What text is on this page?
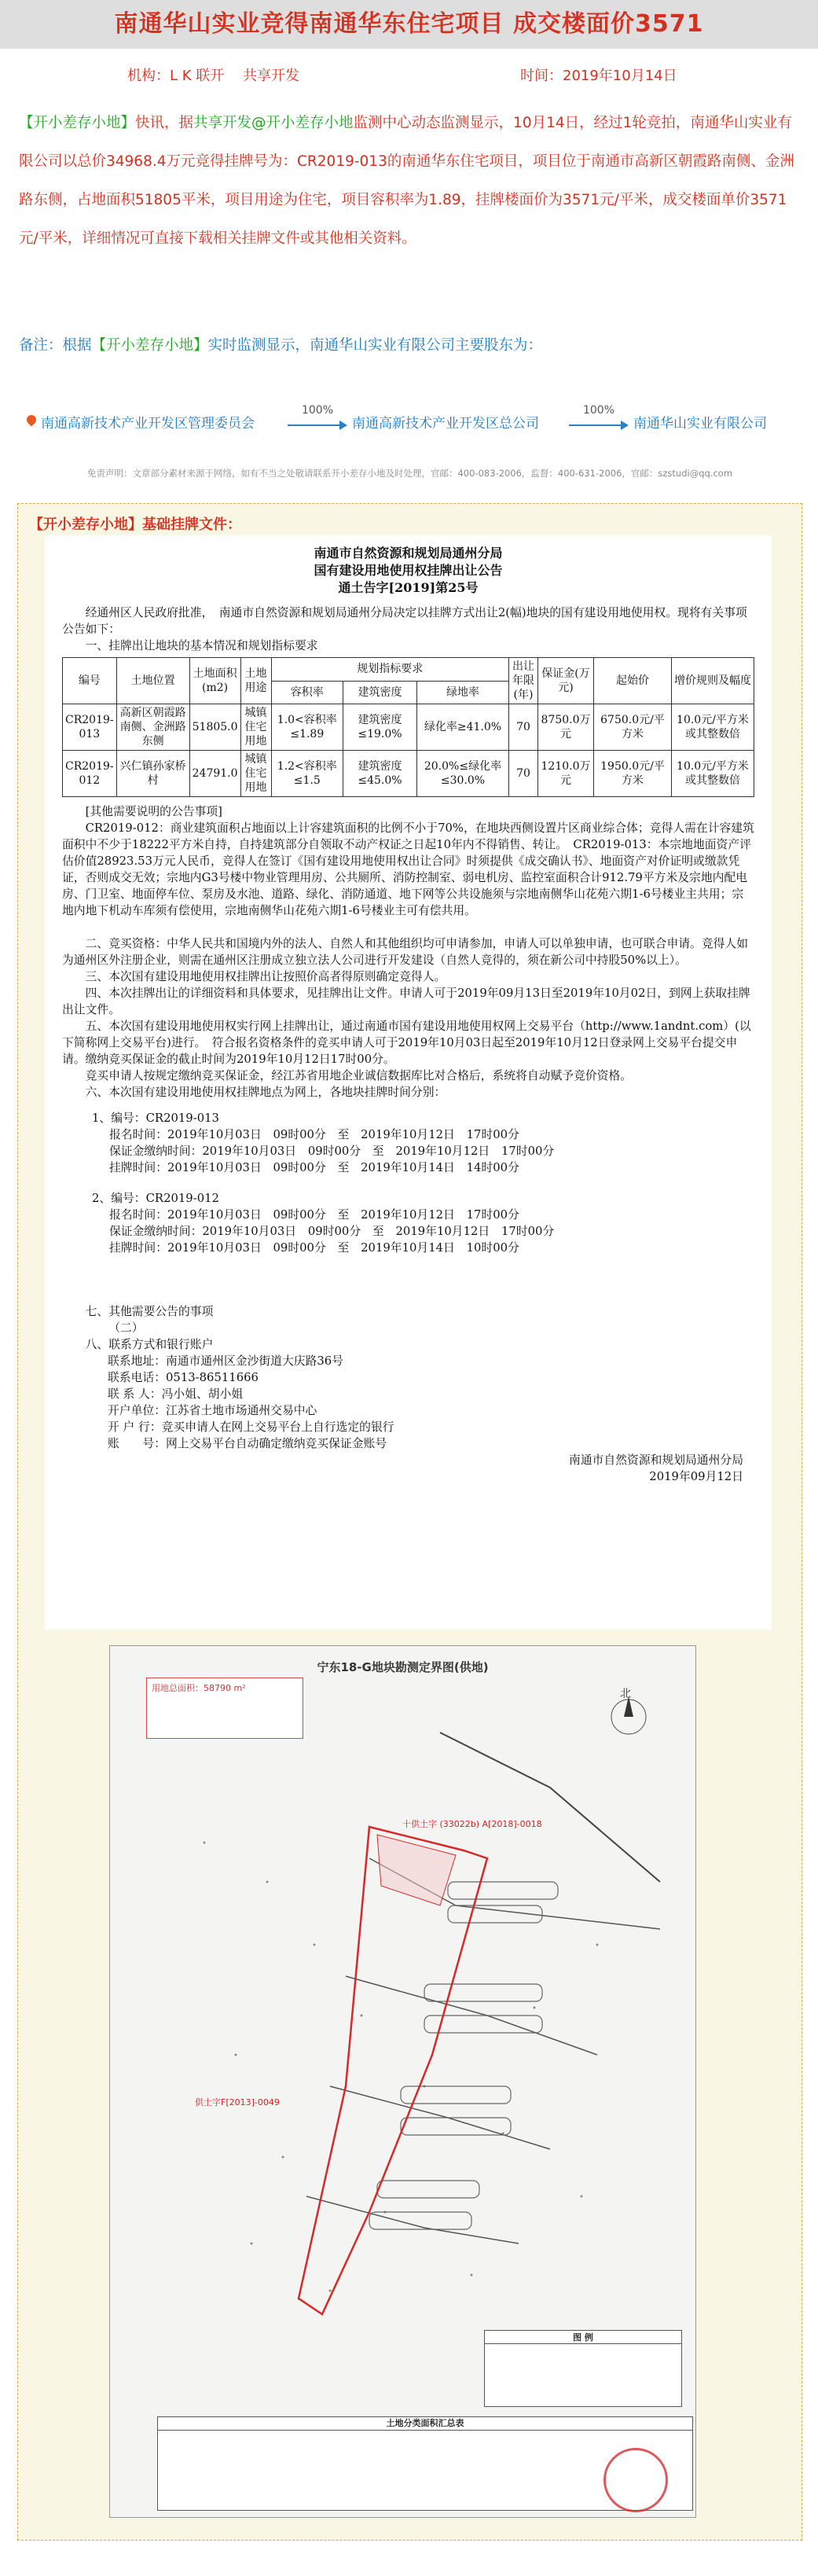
南通华山实业竞得南通华东住宅项目 成交楼面价3571
机构：L K 联开　 共享开发	时间：2019年10月14日
【开小差存小地】快讯，据共享开发@开小差存小地监测中心动态监测显示，10月14日，经过1轮竞拍，南通华山实业有限公司以总价34968.4万元竞得挂牌号为：CR2019-013的南通华东住宅项目，项目位于南通市高新区朝霞路南侧、金洲路东侧，占地面积51805平米，项目用途为住宅，项目容积率为1.89，挂牌楼面价为3571元/平米，成交楼面单价3571元/平米，详细情况可直接下载相关挂牌文件或其他相关资料。
备注：根据【开小差存小地】实时监测显示，南通华山实业有限公司主要股东为：
南通高新技术产业开发区管理委员会
100%
南通高新技术产业开发区总公司
100%
南通华山实业有限公司
免责声明：文章部分素材来源于网络，如有不当之处敬请联系开小差存小地及时处理，官邮：400-083-2006，监督：400-631-2006，官邮：szstudi@qq.com
【开小差存小地】基础挂牌文件：
南通市自然资源和规划局通州分局
国有建设用地使用权挂牌出让公告
通土告字[2019]第25号

经通州区人民政府批准，　南通市自然资源和规划局通州分局决定以挂牌方式出让2(幅)地块的国有建设用地使用权。现将有关事项公告如下：

一、挂牌出让地块的基本情况和规划指标要求

编号	土地位置	土地面积(m2)	土地用途	规划指标要求			出让年限(年)	保证金(万元)	起始价	增价规则及幅度
				容积率	建筑密度	绿地率				
CR2019-013	高新区朝霞路南侧、金洲路东侧	51805.0	城镇住宅用地	1.0<容积率≤1.89	建筑密度≤19.0%	绿化率≥41.0%	70	8750.0万元	6750.0元/平方米	10.0元/平方米或其整数倍
CR2019-012	兴仁镇孙家桥村	24791.0	城镇住宅用地	1.2<容积率≤1.5	建筑密度≤45.0%	20.0%≤绿化率≤30.0%	70	1210.0万元	1950.0元/平方米	10.0元/平方米或其整数倍

[其他需要说明的公告事项]

CR2019-012：商业建筑面积占地面以上计容建筑面积的比例不小于70%，在地块西侧设置片区商业综合体；竞得人需在计容建筑面积中不少于18222平方米自持，自持建筑部分自领取不动产权证之日起10年内不得销售、转让。　CR2019-013：本宗地地面资产评估价值28923.53万元人民币，竞得人在签订《国有建设用地使用权出让合同》时须提供《成交确认书》、地面资产对价证明或缴款凭证，否则成交无效；宗地内G3号楼中物业管理用房、公共厕所、消防控制室、弱电机房、监控室面积合计912.79平方米及宗地内配电房、门卫室、地面停车位、泵房及水池、道路、绿化、消防通道、地下网等公共设施须与宗地南侧华山花苑六期1-6号楼业主共用；宗地内地下机动车库须有偿使用，宗地南侧华山花苑六期1-6号楼业主可有偿共用。

二、竞买资格：中华人民共和国境内外的法人、自然人和其他组织均可申请参加，申请人可以单独申请，也可联合申请。竞得人如为通州区外注册企业，则需在通州区注册成立独立法人公司进行开发建设（自然人竞得的，须在新公司中持股50%以上）。

三、本次国有建设用地使用权挂牌出让按照价高者得原则确定竞得人。

四、本次挂牌出让的详细资料和具体要求，见挂牌出让文件。申请人可于2019年09月13日至2019年10月02日，到网上获取挂牌出让文件。

五、本次国有建设用地使用权实行网上挂牌出让，通过南通市国有建设用地使用权网上交易平台（http://www.1andnt.com）(以下简称网上交易平台)进行。　符合报名资格条件的竞买申请人可于2019年10月03日起至2019年10月12日登录网上交易平台提交申请。缴纳竞买保证金的截止时间为2019年10月12日17时00分。

竞买申请人按规定缴纳竞买保证金，经江苏省用地企业诚信数据库比对合格后，系统将自动赋予竞价资格。

六、本次国有建设用地使用权挂牌地点为网上，各地块挂牌时间分别：

1、编号：CR2019-013
报名时间：2019年10月03日　09时00分　至　2019年10月12日　17时00分
保证金缴纳时间：2019年10月03日　09时00分　至　2019年10月12日　17时00分
挂牌时间：2019年10月03日　09时00分　至　2019年10月14日　14时00分
2、编号：CR2019-012
报名时间：2019年10月03日　09时00分　至　2019年10月12日　17时00分
保证金缴纳时间：2019年10月03日　09时00分　至　2019年10月12日　17时00分
挂牌时间：2019年10月03日　09时00分　至　2019年10月14日　10时00分

七、其他需要公告的事项

（二）

八、联系方式和银行账户

联系地址：南通市通州区金沙街道大庆路36号
联系电话：0513-86511666
联 系 人：冯小姐、胡小姐
开户单位：江苏省土地市场通州交易中心
开 户 行：竞买申请人在网上交易平台上自行选定的银行
账　　号：网上交易平台自动确定缴纳竞买保证金账号
南通市自然资源和规划局通州分局
2019年09月12日
宁东18-G地块勘测定界图(供地)
用地总面积：58790 m²	北
十供土字 (33022b) A[2018]-0018
供土字F[2013]-0049
图 例
土地分类面积汇总表
